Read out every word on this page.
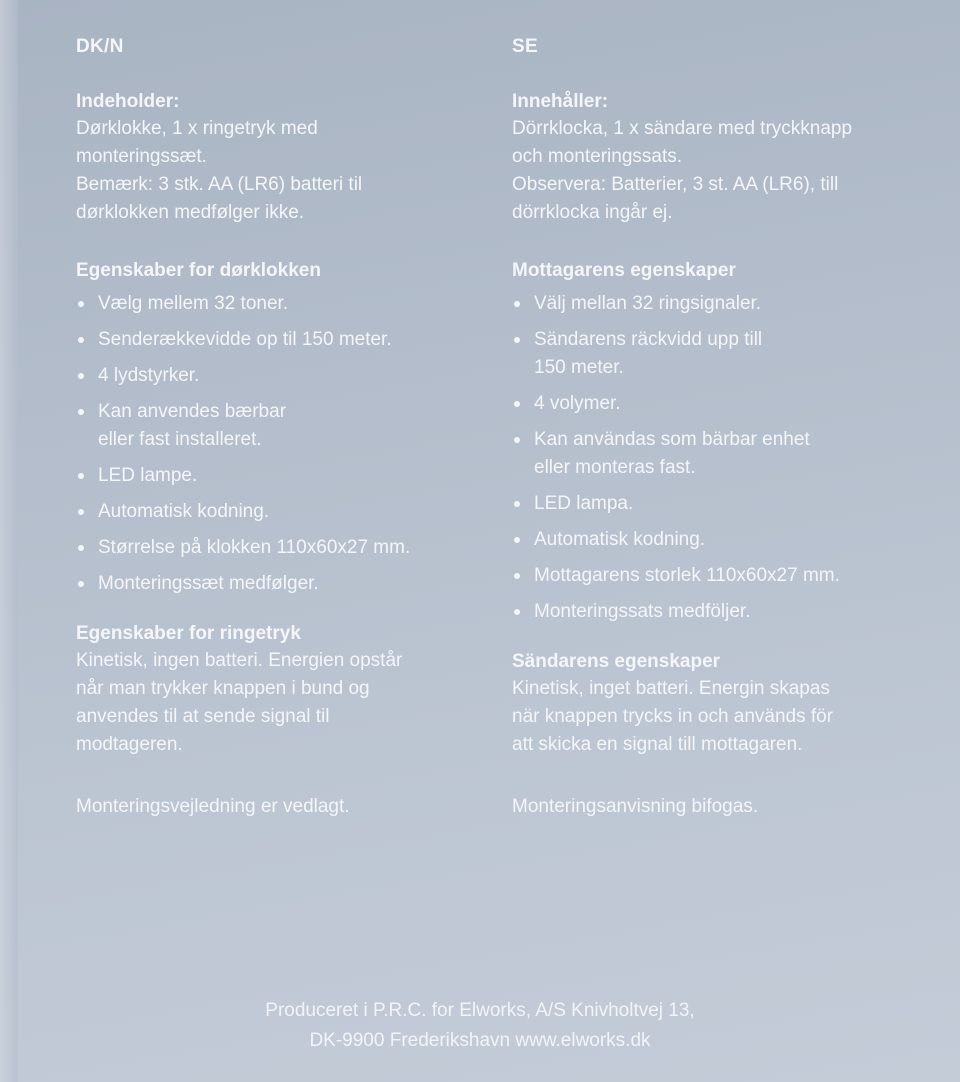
DK/N
Indeholder:
Dørklokke, 1 x ringetryk med
monteringssæt.
Bemærk: 3 stk. AA (LR6) batteri til
dørklokken medfølger ikke.
Egenskaber for dørklokken
Vælg mellem 32 toner.
Senderækkevidde op til 150 meter.
4 lydstyrker.
Kan anvendes bærbar
eller fast installeret.
LED lampe.
Automatisk kodning.
Størrelse på klokken 110x60x27 mm.
Monteringssæt medfølger.
Egenskaber for ringetryk
Kinetisk, ingen batteri. Energien opstår
når man trykker knappen i bund og
anvendes til at sende signal til
modtageren.
Monteringsvejledning er vedlagt.
SE
Innehåller:
Dörrklocka, 1 x sändare med tryckknapp
och monteringssats.
Observera: Batterier, 3 st. AA (LR6), till
dörrklocka ingår ej.
Mottagarens egenskaper
Välj mellan 32 ringsignaler.
Sändarens räckvidd upp till
150 meter.
4 volymer.
Kan användas som bärbar enhet
eller monteras fast.
LED lampa.
Automatisk kodning.
Mottagarens storlek 110x60x27 mm.
Monteringssats medföljer.
Sändarens egenskaper
Kinetisk, inget batteri. Energin skapas
när knappen trycks in och används för
att skicka en signal till mottagaren.
Monteringsanvisning bifogas.
Produceret i P.R.C. for Elworks, A/S Knivholtvej 13,
DK-9900 Frederikshavn www.elworks.dk
